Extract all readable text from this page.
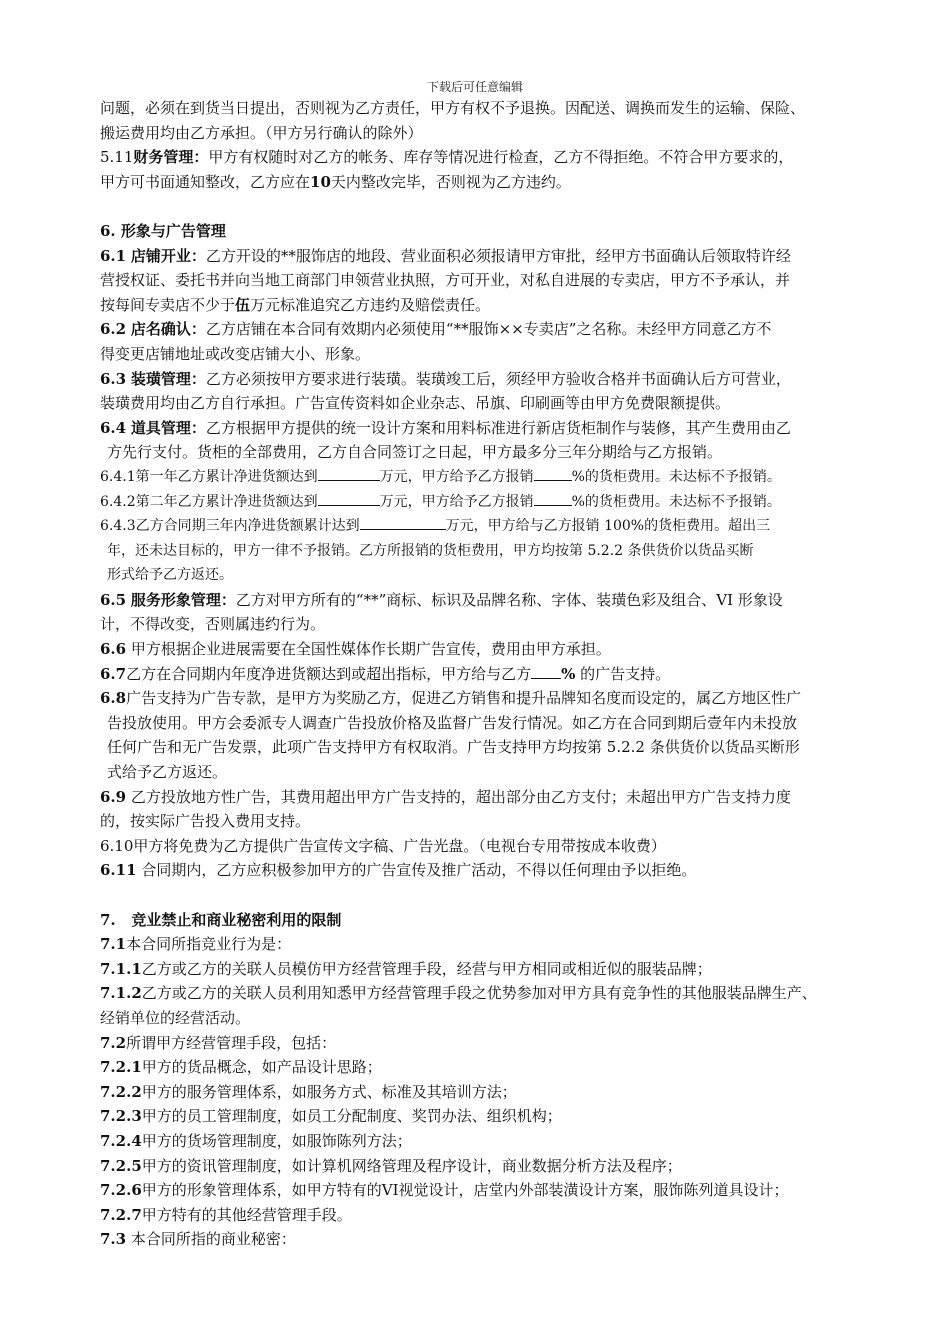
下载后可任意编辑

问题，必须在到货当日提出，否则视为乙方责任，甲方有权不予退换。因配送、调换而发生的运输、保险、
搬运费用均由乙方承担。（甲方另行确认的除外）

5.11财务管理：甲方有权随时对乙方的帐务、库存等情况进行检查，乙方不得拒绝。不符合甲方要求的，
甲方可书面通知整改，乙方应在10天内整改完毕，否则视为乙方违约。

6. 形象与广告管理

6.1 店铺开业：乙方开设的**服饰店的地段、营业面积必须报请甲方审批，经甲方书面确认后领取特许经
营授权证、委托书并向当地工商部门申领营业执照，方可开业，对私自进展的专卖店，甲方不予承认，并
按每间专卖店不少于伍万元标准追究乙方违约及赔偿责任。

6.2 店名确认：乙方店铺在本合同有效期内必须使用“**服饰××专卖店”之名称。未经甲方同意乙方不
得变更店铺地址或改变店铺大小、形象。

6.3 装璜管理：乙方必须按甲方要求进行装璜。装璜竣工后，须经甲方验收合格并书面确认后方可营业，
装璜费用均由乙方自行承担。广告宣传资料如企业杂志、吊旗、印刷画等由甲方免费限额提供。

6.4 道具管理：乙方根据甲方提供的统一设计方案和用料标准进行新店货柜制作与装修，其产生费用由乙
方先行支付。货柜的全部费用，乙方自合同签订之日起，甲方最多分三年分期给与乙方报销。

6.4.1第一年乙方累计净进货额达到	万元，甲方给予乙方报销	%的货柜费用。未达标不予报销。

6.4.2第二年乙方累计净进货额达到	万元，甲方给予乙方报销	%的货柜费用。未达标不予报销。

6.4.3乙方合同期三年内净进货额累计达到	万元，甲方给与乙方报销 100%的货柜费用。超出三
年，还未达目标的，甲方一律不予报销。乙方所报销的货柜费用，甲方均按第 5.2.2 条供货价以货品买断
形式给予乙方返还。

6.5 服务形象管理：乙方对甲方所有的“**”商标、标识及品牌名称、字体、装璜色彩及组合、VI 形象设
计，不得改变，否则属违约行为。

6.6 甲方根据企业进展需要在全国性媒体作长期广告宣传，费用由甲方承担。

6.7乙方在合同期内年度净进货额达到或超出指标，甲方给与乙方 % 的广告支持。

6.8广告支持为广告专款，是甲方为奖励乙方，促进乙方销售和提升品牌知名度而设定的，属乙方地区性广
告投放使用。甲方会委派专人调查广告投放价格及监督广告发行情况。如乙方在合同到期后壹年内未投放
任何广告和无广告发票，此项广告支持甲方有权取消。广告支持甲方均按第 5.2.2 条供货价以货品买断形
式给予乙方返还。

6.9 乙方投放地方性广告，其费用超出甲方广告支持的，超出部分由乙方支付；未超出甲方广告支持力度
的，按实际广告投入费用支持。

6.10甲方将免费为乙方提供广告宣传文字稿、广告光盘。（电视台专用带按成本收费）

6.11 合同期内，乙方应积极参加甲方的广告宣传及推广活动，不得以任何理由予以拒绝。

7.   竞业禁止和商业秘密利用的限制

7.1本合同所指竞业行为是：

7.1.1乙方或乙方的关联人员模仿甲方经营管理手段，经营与甲方相同或相近似的服装品牌；

7.1.2乙方或乙方的关联人员利用知悉甲方经营管理手段之优势参加对甲方具有竞争性的其他服装品牌生产、
经销单位的经营活动。

7.2所谓甲方经营管理手段，包括：

7.2.1甲方的货品概念，如产品设计思路；

7.2.2甲方的服务管理体系，如服务方式、标准及其培训方法；

7.2.3甲方的员工管理制度，如员工分配制度、奖罚办法、组织机构；

7.2.4甲方的货场管理制度，如服饰陈列方法；

7.2.5甲方的资讯管理制度，如计算机网络管理及程序设计，商业数据分析方法及程序；

7.2.6甲方的形象管理体系，如甲方特有的VI视觉设计，店堂内外部装潢设计方案，服饰陈列道具设计；

7.2.7甲方特有的其他经营管理手段。

7.3 本合同所指的商业秘密：
